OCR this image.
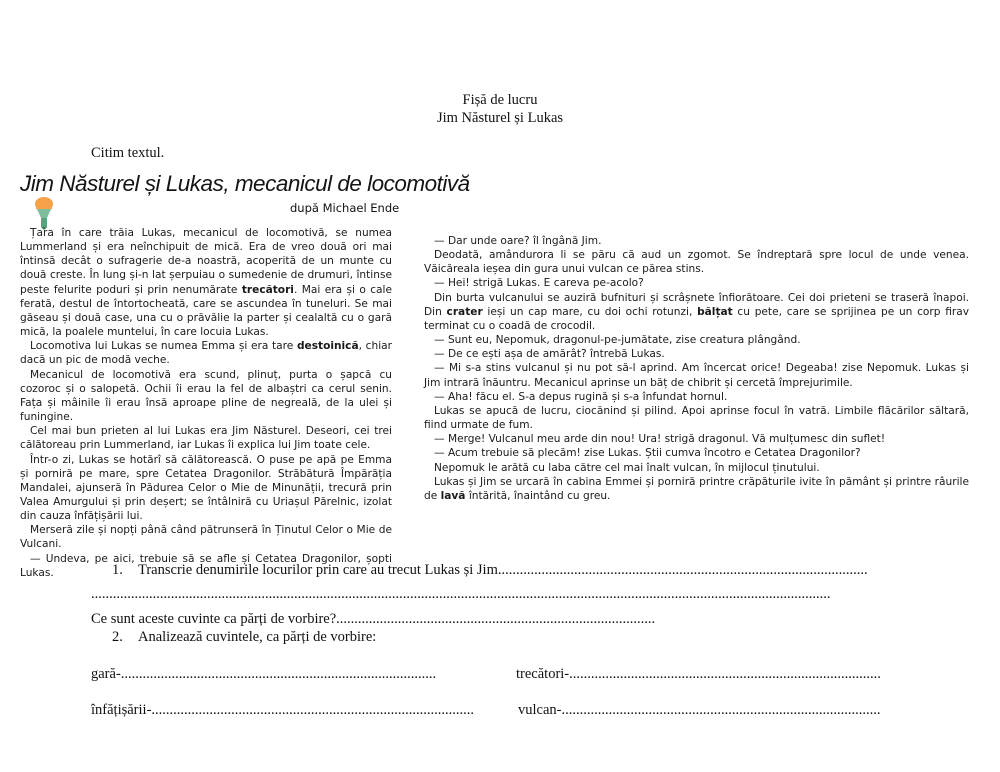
Fișă de lucru
Jim Năsturel și Lukas
Citim textul.
Jim Năsturel și Lukas, mecanicul de locomotivă
după Michael Ende

Țara în care trăia Lukas, mecanicul de locomotivă, se numea Lummerland și era neînchipuit de mică. Era de vreo două ori mai întinsă decât o sufragerie de-a noastră, acoperită de un munte cu două creste. În lung și-n lat șerpuiau o sumedenie de drumuri, întinse peste felurite poduri și prin nenumărate trecători. Mai era și o cale ferată, destul de întortocheată, care se ascundea în tuneluri. Se mai găseau și două case, una cu o prăvălie la parter și cealaltă cu o gară mică, la poalele muntelui, în care locuia Lukas.

Locomotiva lui Lukas se numea Emma și era tare destoinică, chiar dacă un pic de modă veche.

Mecanicul de locomotivă era scund, plinuț, purta o șapcă cu cozoroc și o salopetă. Ochii îi erau la fel de albaștri ca cerul senin. Fața și mâinile îi erau însă aproape pline de negreală, de la ulei și funingine.

Cel mai bun prieten al lui Lukas era Jim Năsturel. Deseori, cei trei călătoreau prin Lummerland, iar Lukas îi explica lui Jim toate cele.

Într-o zi, Lukas se hotărî să călătorească. O puse pe apă pe Emma și porniră pe mare, spre Cetatea Dragonilor. Străbătură Împărăția Mandalei, ajunseră în Pădurea Celor o Mie de Minunății, trecură prin Valea Amurgului și prin deșert; se întâlniră cu Uriașul Părelnic, izolat din cauza înfățișării lui.

Merseră zile și nopți până când pătrunseră în Ținutul Celor o Mie de Vulcani.

— Undeva, pe aici, trebuie să se afle și Cetatea Dragonilor, șopti Lukas.

— Dar unde oare? îl îngână Jim.

Deodată, amândurora li se păru că aud un zgomot. Se îndreptară spre locul de unde venea. Văicăreala ieșea din gura unui vulcan ce părea stins.

— Hei! strigă Lukas. E careva pe-acolo?

Din burta vulcanului se auziră bufnituri și scrâșnete înfiorătoare. Cei doi prieteni se traseră înapoi. Din crater ieși un cap mare, cu doi ochi rotunzi, bălțat cu pete, care se sprijinea pe un corp firav terminat cu o coadă de crocodil.

— Sunt eu, Nepomuk, dragonul-pe-jumătate, zise creatura plângând.

— De ce ești așa de amărât? întrebă Lukas.

— Mi s-a stins vulcanul și nu pot să-l aprind. Am încercat orice! Degeaba! zise Nepomuk. Lukas și Jim intrară înăuntru. Mecanicul aprinse un băț de chibrit și cercetă împrejurimile.

— Aha! făcu el. S-a depus rugină și s-a înfundat hornul.

Lukas se apucă de lucru, ciocănind și pilind. Apoi aprinse focul în vatră. Limbile flăcărilor săltară, fiind urmate de fum.

— Merge! Vulcanul meu arde din nou! Ura! strigă dragonul. Vă mulțumesc din suflet!

— Acum trebuie să plecăm! zise Lukas. Știi cumva încotro e Cetatea Dragonilor?

Nepomuk le arătă cu laba către cel mai înalt vulcan, în mijlocul ținutului.

Lukas și Jim se urcară în cabina Emmei și porniră printre crăpăturile ivite în pământ și printre râurile de lavă întărită, înaintând cu greu.

1. Transcrie denumirile locurilor prin care au trecut Lukas și Jim......................................................................................................
............................................................................................................................................................................................................
Ce sunt aceste cuvinte ca părți de vorbire?........................................................................................
2. Analizează cuvintele, ca părți de vorbire:
gară-.......................................................................................	trecători-......................................................................................
înfățișării-.........................................................................................	vulcan-........................................................................................
